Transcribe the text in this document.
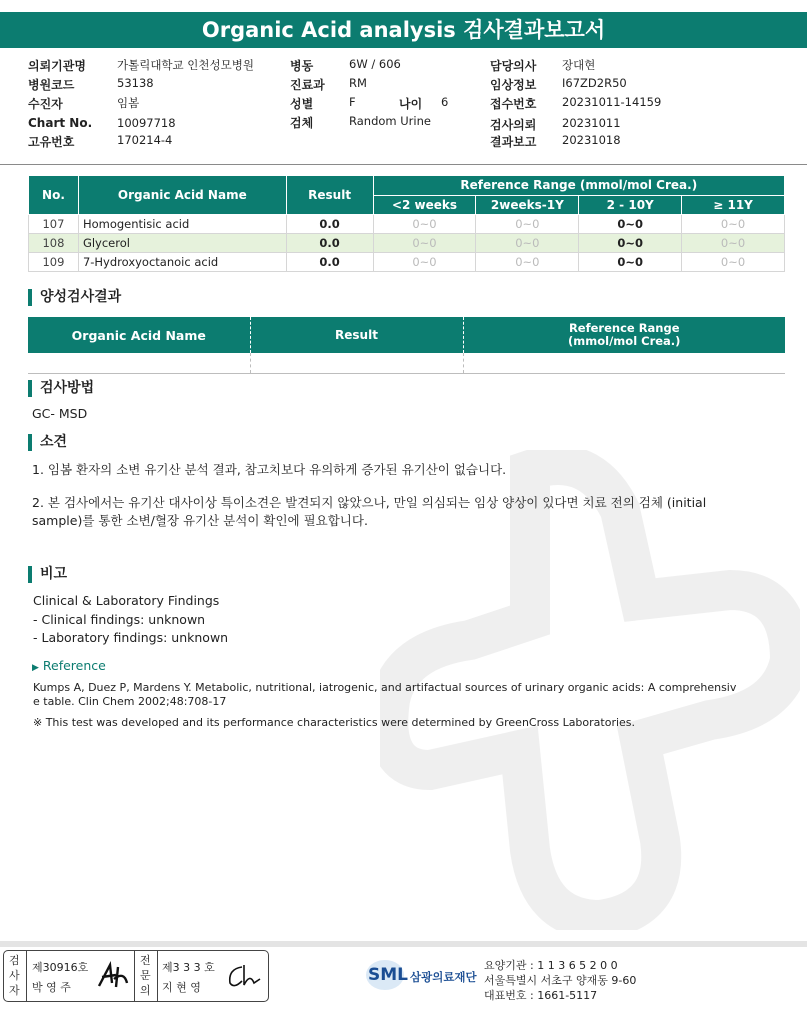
Organic Acid analysis 검사결과보고서
의뢰기관명	가톨릭대학교 인천성모병원
병원코드	53138
수진자	임봄
Chart No. 10097718
고유번호	170214-4
병동	6W / 606
진료과 RM
성별	F	나이 6
검체	Random Urine
담당의사 장대현
임상정보 I67ZD2R50
접수번호 20231011-14159
검사의뢰 20231011
결과보고 20231018
No.	Organic Acid Name	Result	Reference Range (mmol/mol Crea.)			
			<2 weeks	2weeks-1Y	2 - 10Y	≥ 11Y
107	Homogentisic acid	0.0	0~0	0~0	0~0	0~0
108	Glycerol	0.0	0~0	0~0	0~0	0~0
109	7-Hydroxyoctanoic acid	0.0	0~0	0~0	0~0	0~0
양성검사결과
Organic Acid Name	Result	Reference Range
(mmol/mol Crea.)

검사방법
GC- MSD
소견
1. 임봄 환자의 소변 유기산 분석 결과, 참고치보다 유의하게 증가된 유기산이 없습니다.
2. 본 검사에서는 유기산 대사이상 특이소견은 발견되지 않았으나, 만일 의심되는 임상 양상이 있다면 치료 전의 검체 (initial
sample)를 통한 소변/혈장 유기산 분석이 확인에 필요합니다.
비고
Clinical & Laboratory Findings
- Clinical findings: unknown
- Laboratory findings: unknown
▶ Reference
Kumps A, Duez P, Mardens Y. Metabolic, nutritional, iatrogenic, and artifactual sources of urinary organic acids: A comprehensiv
e table. Clin Chem 2002;48:708-17
※ This test was developed and its performance characteristics were determined by GreenCross Laboratories.
검사자
제30916호
박 영 주
전문의
제3 3 3 호
지 현 영
SML 삼광의료재단
요양기관 : 1 1 3 6 5 2 0 0
서울특별시 서초구 양재동 9-60
대표번호 : 1661-5117
